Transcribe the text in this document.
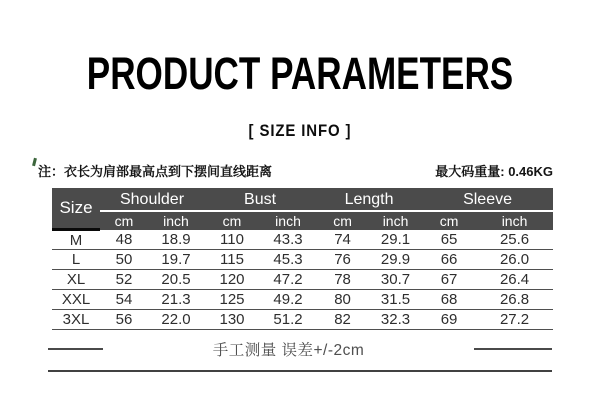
PRODUCT PARAMETERS
[ SIZE INFO ]
注：衣长为肩部最高点到下摆间直线距离	最大码重量: 0.46KG
Size	Shoulder		Bust		Length		Sleeve	
	cm	inch	cm	inch	cm	inch	cm	inch
M	48	18.9	110	43.3	74	29.1	65	25.6
L	50	19.7	115	45.3	76	29.9	66	26.0
XL	52	20.5	120	47.2	78	30.7	67	26.4
XXL	54	21.3	125	49.2	80	31.5	68	26.8
3XL	56	22.0	130	51.2	82	32.3	69	27.2
手工测量 误差+/-2cm
